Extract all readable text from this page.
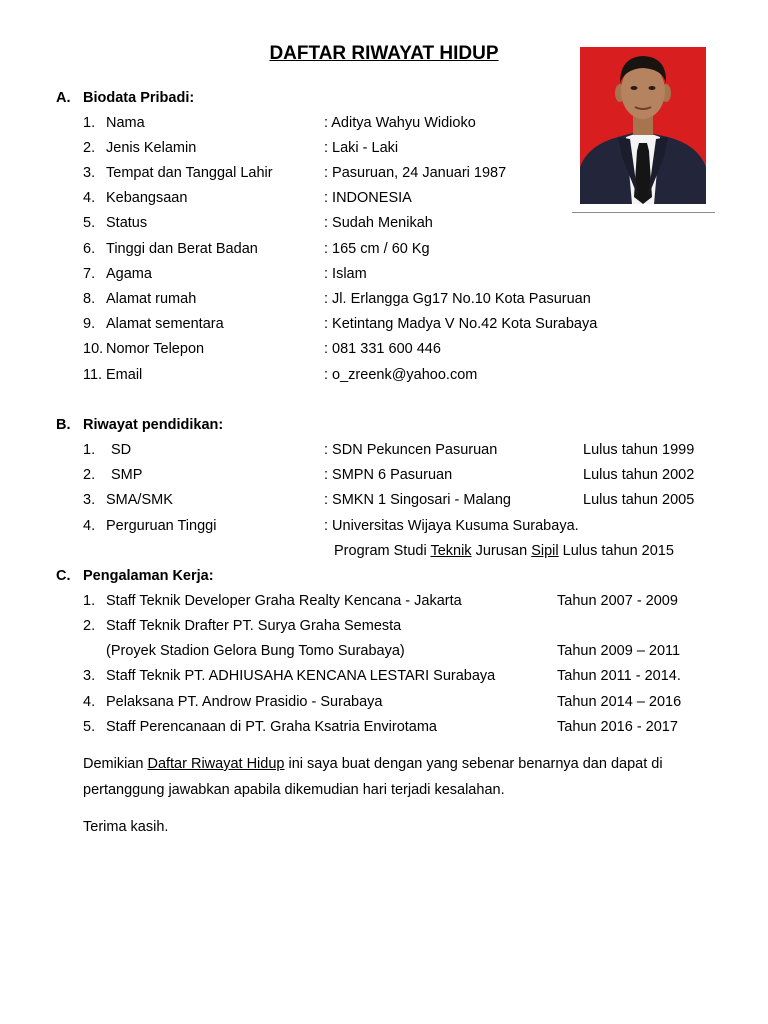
DAFTAR RIWAYAT HIDUP
A. Biodata Pribadi:
1. Nama	: Aditya Wahyu Widioko
2. Jenis Kelamin	: Laki - Laki
3. Tempat dan Tanggal Lahir	: Pasuruan, 24 Januari 1987
4. Kebangsaan	: INDONESIA
5. Status	: Sudah Menikah
6. Tinggi dan Berat Badan	: 165 cm / 60 Kg
7. Agama	: Islam
8. Alamat rumah	: Jl. Erlangga Gg17 No.10 Kota Pasuruan
9. Alamat sementara	: Ketintang Madya V No.42 Kota Surabaya
10. Nomor Telepon	: 081 331 600 446
11. Email	: o_zreenk@yahoo.com
B. Riwayat pendidikan:
1. SD	: SDN Pekuncen Pasuruan	Lulus tahun 1999
2. SMP	: SMPN 6 Pasuruan	Lulus tahun 2002
3. SMA/SMK	: SMKN 1 Singosari - Malang	Lulus tahun 2005
4. Perguruan Tinggi	: Universitas Wijaya Kusuma Surabaya.
Program Studi Teknik Jurusan Sipil Lulus tahun 2015
C. Pengalaman Kerja:
1. Staff Teknik Developer Graha Realty Kencana - Jakarta	Tahun 2007 - 2009
2. Staff Teknik Drafter PT. Surya Graha Semesta
(Proyek Stadion Gelora Bung Tomo Surabaya)	Tahun 2009 – 2011
3. Staff Teknik PT. ADHIUSAHA KENCANA LESTARI Surabaya	Tahun 2011 - 2014.
4. Pelaksana PT. Androw Prasidio - Surabaya	Tahun 2014 – 2016
5. Staff Perencanaan di PT. Graha Ksatria Envirotama	Tahun 2016 - 2017
Demikian Daftar Riwayat Hidup ini saya buat dengan yang sebenar benarnya dan dapat di
pertanggung jawabkan apabila dikemudian hari terjadi kesalahan.
Terima kasih.
